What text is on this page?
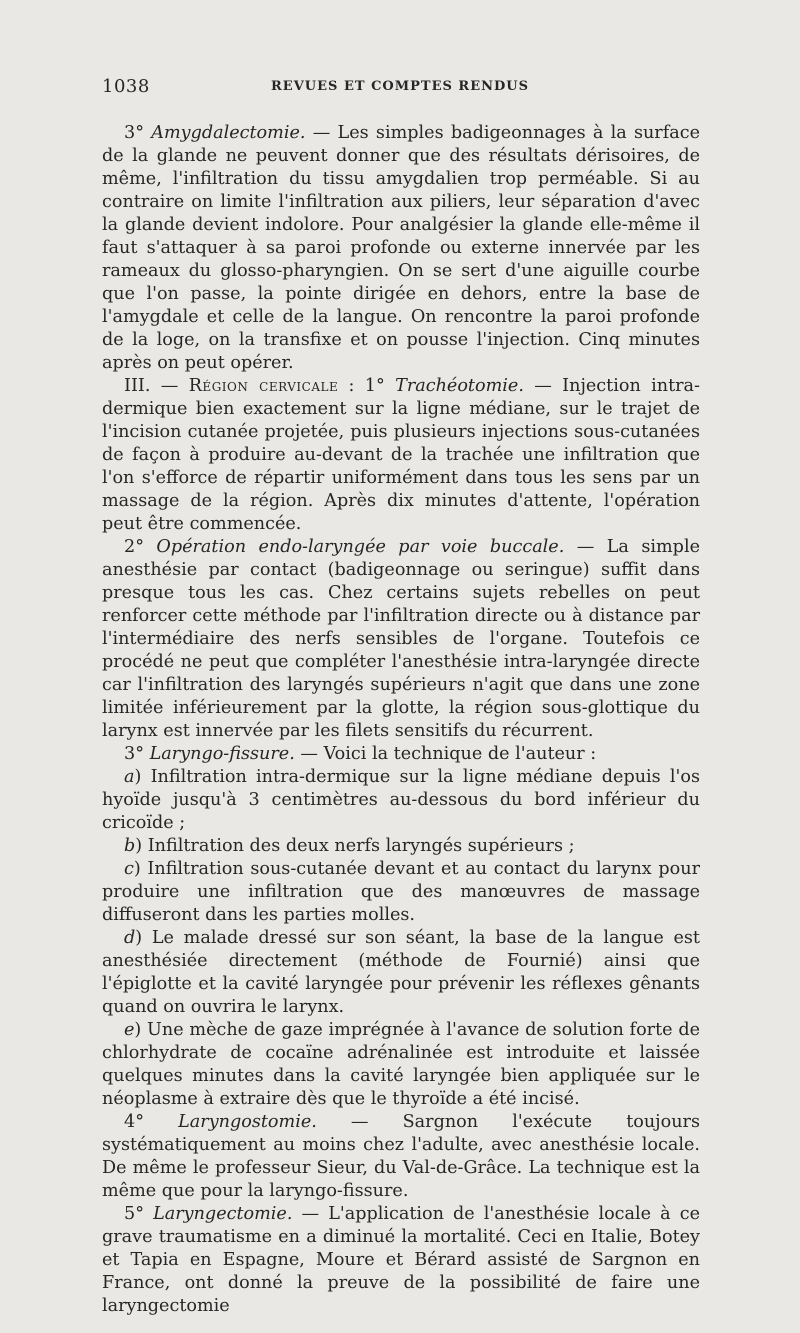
1038	REVUES ET COMPTES RENDUS

3° Amygdalectomie. — Les simples badigeonnages à la surface de la glande ne peuvent donner que des résultats dérisoires, de même, l'infiltration du tissu amygdalien trop perméable. Si au contraire on limite l'infiltration aux piliers, leur séparation d'avec la glande devient indolore. Pour analgésier la glande elle-même il faut s'attaquer à sa paroi profonde ou externe innervée par les rameaux du glosso-pharyngien. On se sert d'une aiguille courbe que l'on passe, la pointe dirigée en dehors, entre la base de l'amygdale et celle de la langue. On rencontre la paroi profonde de la loge, on la transfixe et on pousse l'injection. Cinq minutes après on peut opérer.

III. — Région cervicale : 1° Trachéotomie. — Injection intra-dermique bien exactement sur la ligne médiane, sur le trajet de l'incision cutanée projetée, puis plusieurs injections sous-cutanées de façon à produire au-devant de la trachée une infiltration que l'on s'efforce de répartir uniformément dans tous les sens par un massage de la région. Après dix minutes d'attente, l'opération peut être commencée.

2° Opération endo-laryngée par voie buccale. — La simple anesthésie par contact (badigeonnage ou seringue) suffit dans presque tous les cas. Chez certains sujets rebelles on peut renforcer cette méthode par l'infiltration directe ou à distance par l'intermédiaire des nerfs sensibles de l'organe. Toutefois ce procédé ne peut que compléter l'anesthésie intra-laryngée directe car l'infiltration des laryngés supérieurs n'agit que dans une zone limitée inférieurement par la glotte, la région sous-glottique du larynx est innervée par les filets sensitifs du récurrent.

3° Laryngo-fissure. — Voici la technique de l'auteur :

a) Infiltration intra-dermique sur la ligne médiane depuis l'os hyoïde jusqu'à 3 centimètres au-dessous du bord inférieur du cricoïde ;

b) Infiltration des deux nerfs laryngés supérieurs ;

c) Infiltration sous-cutanée devant et au contact du larynx pour produire une infiltration que des manœuvres de massage diffuseront dans les parties molles.

d) Le malade dressé sur son séant, la base de la langue est anesthésiée directement (méthode de Fournié) ainsi que l'épiglotte et la cavité laryngée pour prévenir les réflexes gênants quand on ouvrira le larynx.

e) Une mèche de gaze imprégnée à l'avance de solution forte de chlorhydrate de cocaïne adrénalinée est introduite et laissée quelques minutes dans la cavité laryngée bien appliquée sur le néoplasme à extraire dès que le thyroïde a été incisé.

4° Laryngostomie. — Sargnon l'exécute toujours systématiquement au moins chez l'adulte, avec anesthésie locale. De même le professeur Sieur, du Val-de-Grâce. La technique est la même que pour la laryngo-fissure.

5° Laryngectomie. — L'application de l'anesthésie locale à ce grave traumatisme en a diminué la mortalité. Ceci en Italie, Botey et Tapia en Espagne, Moure et Bérard assisté de Sargnon en France, ont donné la preuve de la possibilité de faire une laryngectomie
